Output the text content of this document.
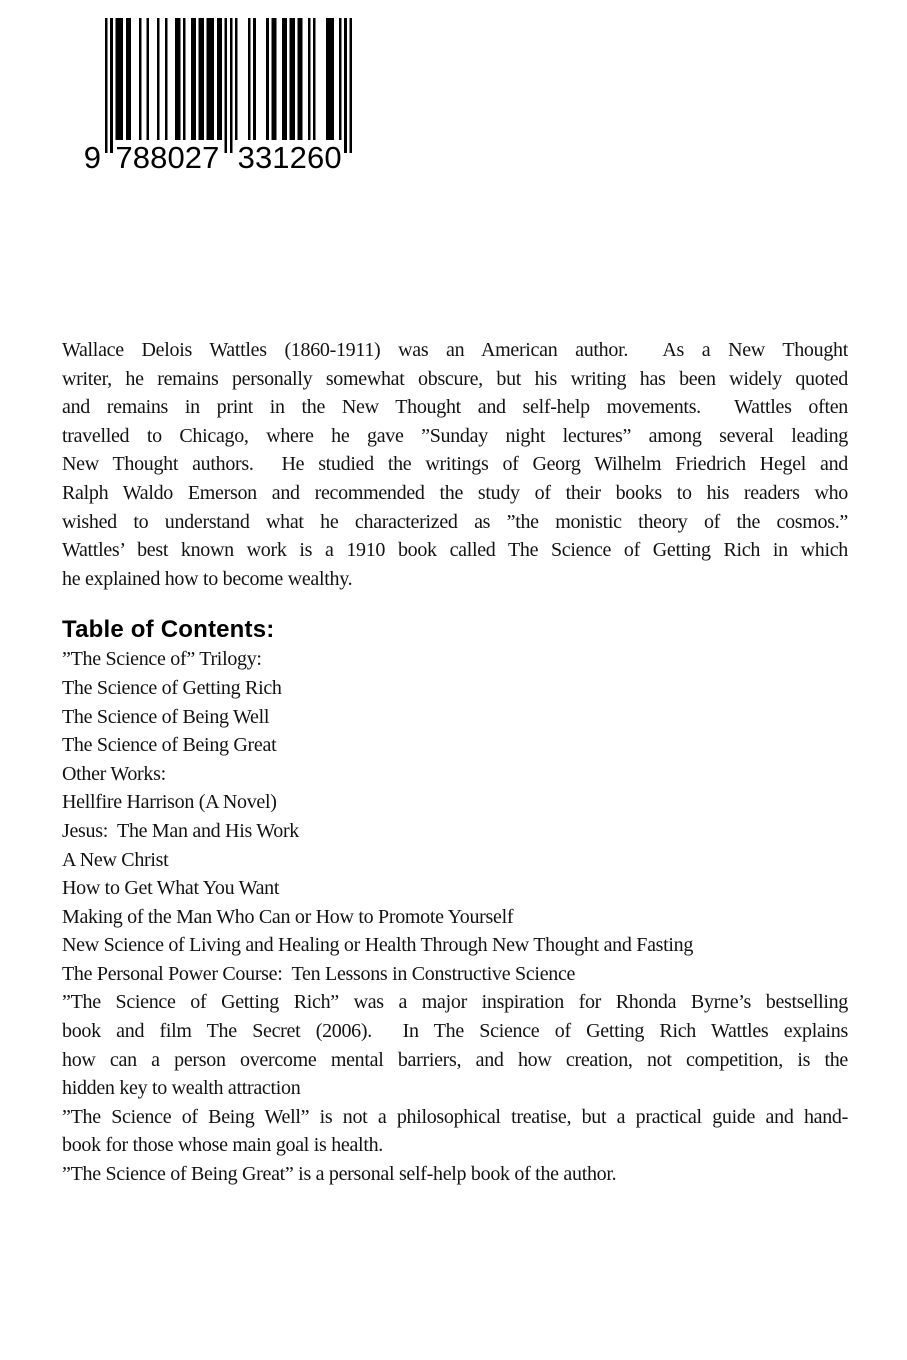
9 788027 331260
Wallace Delois Wattles (1860-1911) was an American author.  As a New Thought
writer, he remains personally somewhat obscure, but his writing has been widely quoted
and remains in print in the New Thought and self-help movements.  Wattles often
travelled to Chicago, where he gave ”Sunday night lectures” among several leading
New Thought authors.  He studied the writings of Georg Wilhelm Friedrich Hegel and
Ralph Waldo Emerson and recommended the study of their books to his readers who
wished to understand what he characterized as ”the monistic theory of the cosmos.”
Wattles’ best known work is a 1910 book called The Science of Getting Rich in which
he explained how to become wealthy.
Table of Contents:
”The Science of” Trilogy:
The Science of Getting Rich
The Science of Being Well
The Science of Being Great
Other Works:
Hellfire Harrison (A Novel)
Jesus:  The Man and His Work
A New Christ
How to Get What You Want
Making of the Man Who Can or How to Promote Yourself
New Science of Living and Healing or Health Through New Thought and Fasting
The Personal Power Course:  Ten Lessons in Constructive Science
”The Science of Getting Rich” was a major inspiration for Rhonda Byrne’s bestselling
book and film The Secret (2006).  In The Science of Getting Rich Wattles explains
how can a person overcome mental barriers, and how creation, not competition, is the
hidden key to wealth attraction
”The Science of Being Well” is not a philosophical treatise, but a practical guide and hand-
book for those whose main goal is health.
”The Science of Being Great” is a personal self-help book of the author.
